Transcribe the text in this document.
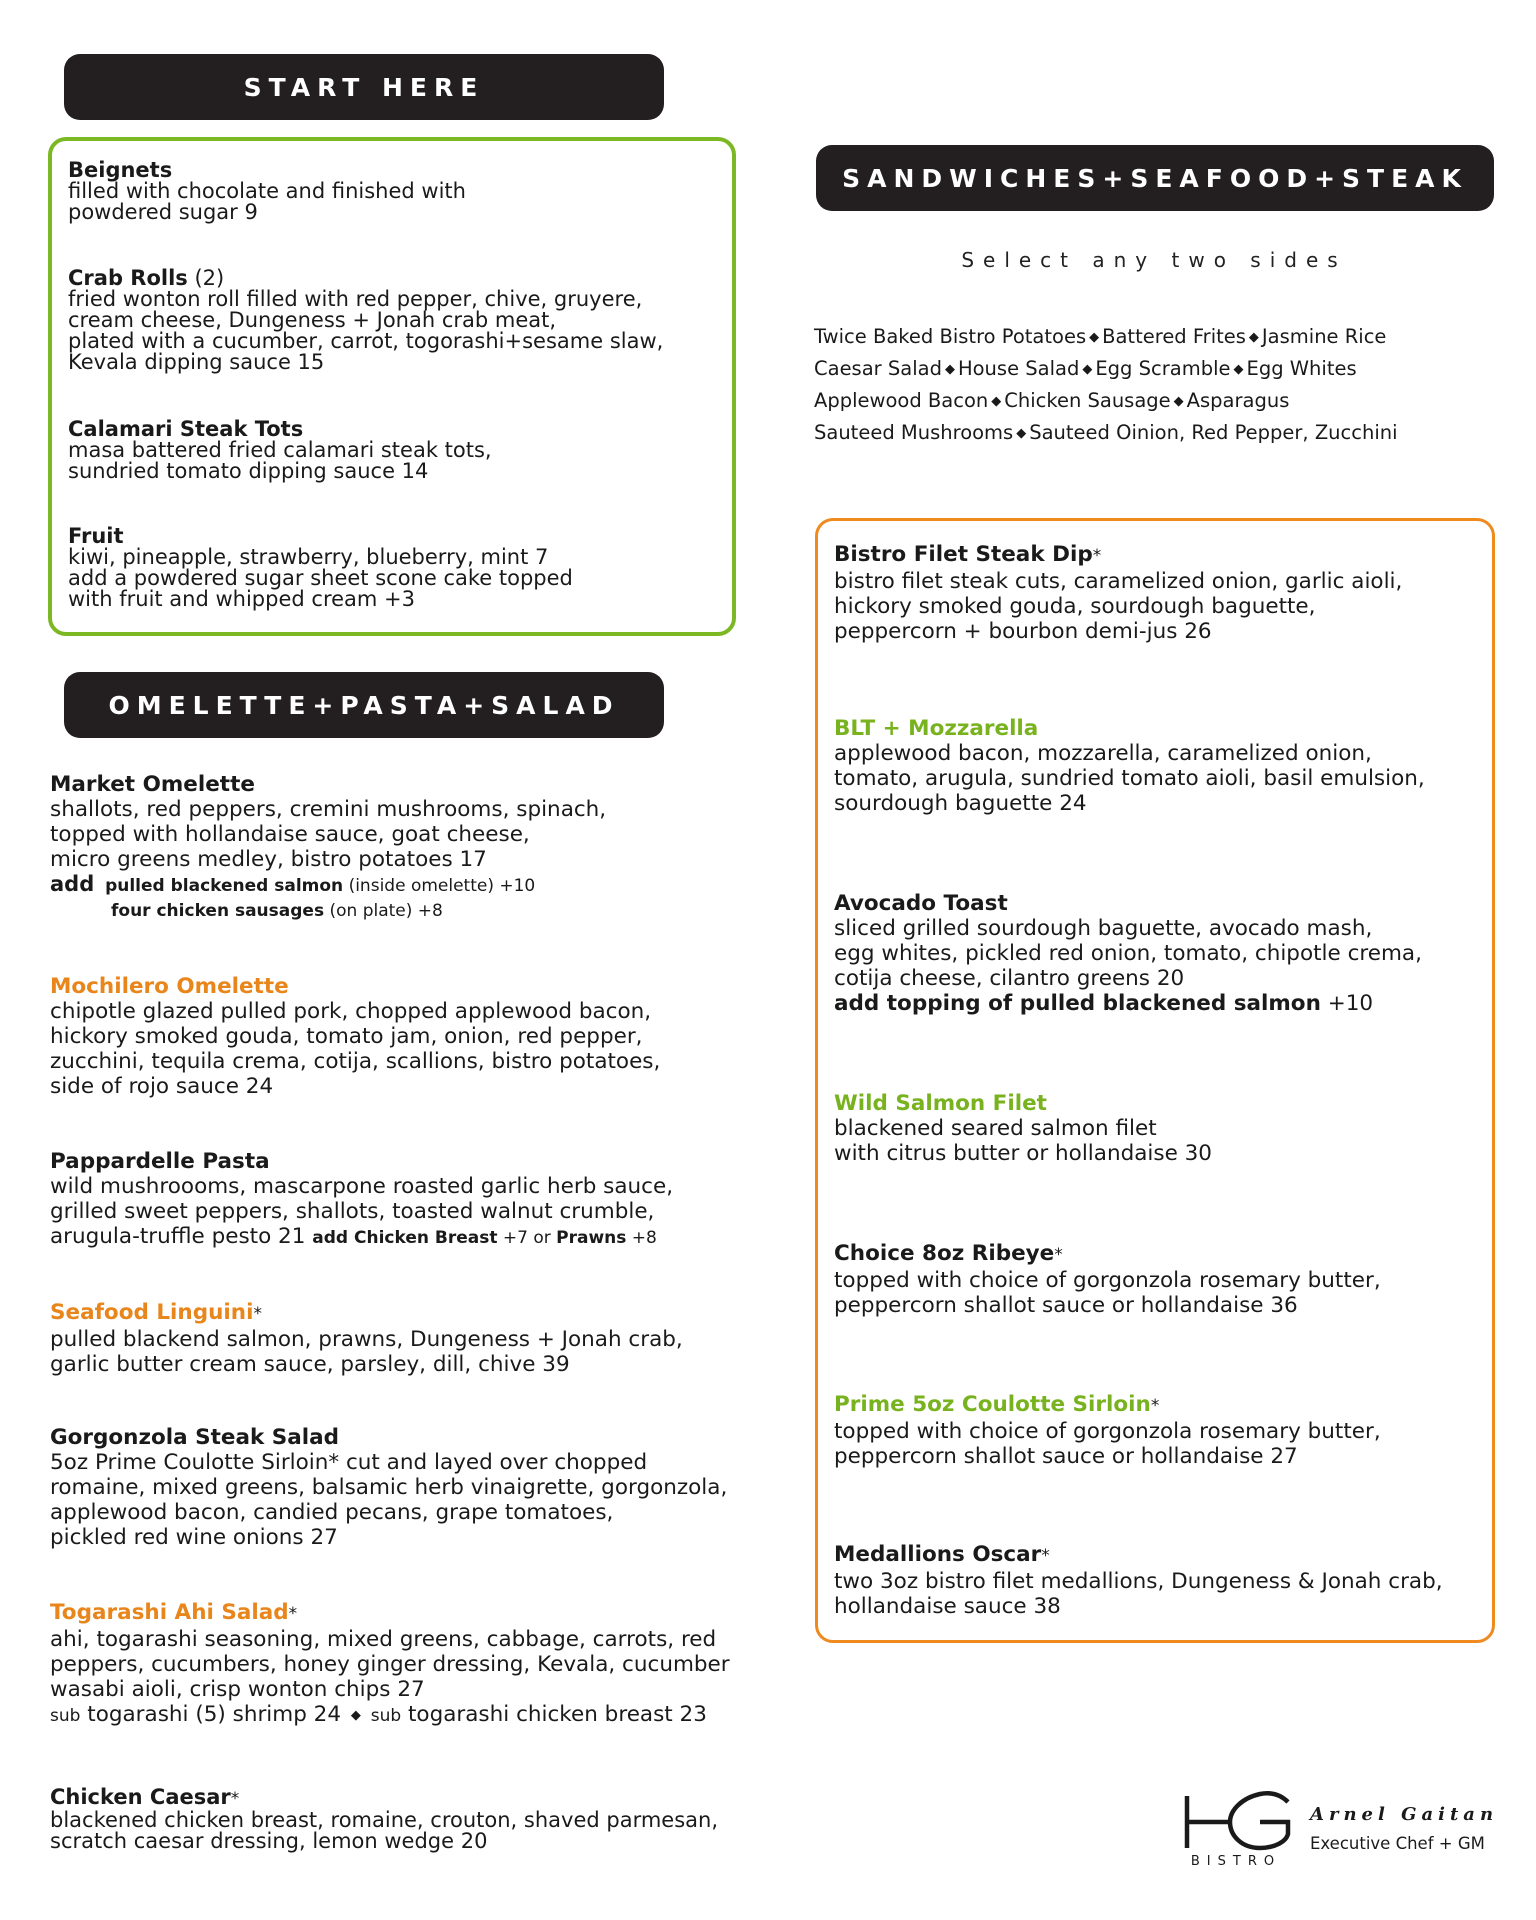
START HERE
Beignets
filled with chocolate and finished with
powdered sugar 9
Crab Rolls (2)
fried wonton roll filled with red pepper, chive, gruyere,
cream cheese, Dungeness + Jonah crab meat,
plated with a cucumber, carrot, togorashi+sesame slaw,
Kevala dipping sauce 15
Calamari Steak Tots
masa battered fried calamari steak tots,
sundried tomato dipping sauce 14
Fruit
kiwi, pineapple, strawberry, blueberry, mint 7
add a powdered sugar sheet scone cake topped
with fruit and whipped cream +3
OMELETTE+PASTA+SALAD
Market Omelette
shallots, red peppers, cremini mushrooms, spinach,
topped with hollandaise sauce, goat cheese,
micro greens medley, bistro potatoes 17
add pulled blackened salmon (inside omelette) +10
four chicken sausages (on plate) +8
Mochilero Omelette
chipotle glazed pulled pork, chopped applewood bacon,
hickory smoked gouda, tomato jam, onion, red pepper,
zucchini, tequila crema, cotija, scallions, bistro potatoes,
side of rojo sauce 24
Pappardelle Pasta
wild mushroooms, mascarpone roasted garlic herb sauce,
grilled sweet peppers, shallots, toasted walnut crumble,
arugula-truffle pesto 21 add Chicken Breast +7 or Prawns +8
Seafood Linguini*
pulled blackend salmon, prawns, Dungeness + Jonah crab,
garlic butter cream sauce, parsley, dill, chive 39
Gorgonzola Steak Salad
5oz Prime Coulotte Sirloin* cut and layed over chopped
romaine, mixed greens, balsamic herb vinaigrette, gorgonzola,
applewood bacon, candied pecans, grape tomatoes,
pickled red wine onions 27
Togarashi Ahi Salad*
ahi, togarashi seasoning, mixed greens, cabbage, carrots, red
peppers, cucumbers, honey ginger dressing, Kevala, cucumber
wasabi aioli, crisp wonton chips 27
sub togarashi (5) shrimp 24 ◆ sub togarashi chicken breast 23
Chicken Caesar*
blackened chicken breast, romaine, crouton, shaved parmesan,
scratch caesar dressing, lemon wedge 20
SANDWICHES+SEAFOOD+STEAK
Select any two sides
Twice Baked Bistro Potatoes ◆ Battered Frites ◆ Jasmine Rice
Caesar Salad ◆ House Salad ◆ Egg Scramble ◆ Egg Whites
Applewood Bacon ◆ Chicken Sausage ◆ Asparagus
Sauteed Mushrooms ◆ Sauteed Oinion, Red Pepper, Zucchini
Bistro Filet Steak Dip*
bistro filet steak cuts, caramelized onion, garlic aioli,
hickory smoked gouda, sourdough baguette,
peppercorn + bourbon demi-jus 26
BLT + Mozzarella
applewood bacon, mozzarella, caramelized onion,
tomato, arugula, sundried tomato aioli, basil emulsion,
sourdough baguette 24
Avocado Toast
sliced grilled sourdough baguette, avocado mash,
egg whites, pickled red onion, tomato, chipotle crema,
cotija cheese, cilantro greens 20
add topping of pulled blackened salmon +10
Wild Salmon Filet
blackened seared salmon filet
with citrus butter or hollandaise 30
Choice 8oz Ribeye*
topped with choice of gorgonzola rosemary butter,
peppercorn shallot sauce or hollandaise 36
Prime 5oz Coulotte Sirloin*
topped with choice of gorgonzola rosemary butter,
peppercorn shallot sauce or hollandaise 27
Medallions Oscar*
two 3oz bistro filet medallions, Dungeness & Jonah crab,
hollandaise sauce 38
BISTRO
Arnel Gaitan
Executive Chef + GM
